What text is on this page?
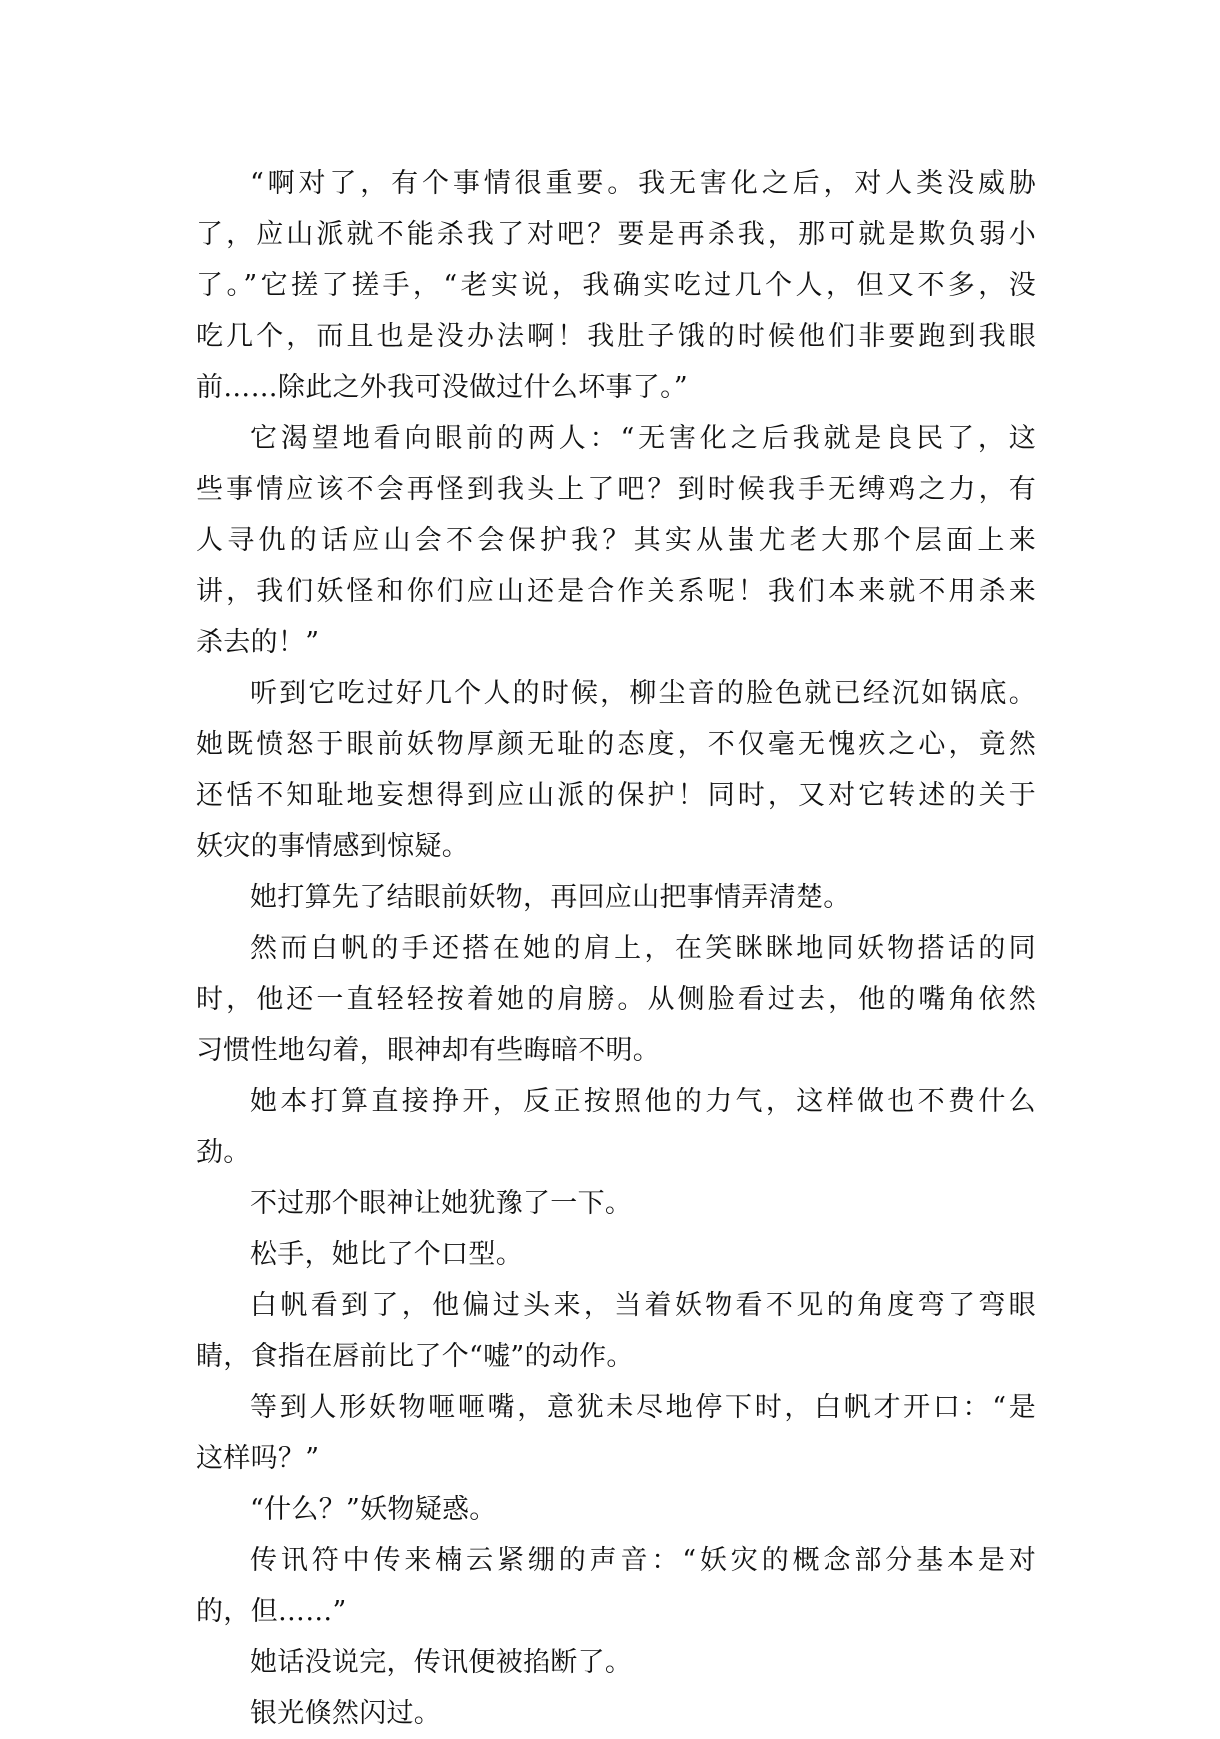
“啊对了，有个事情很重要。我无害化之后，对人类没威胁
了，应山派就不能杀我了对吧？要是再杀我，那可就是欺负弱小
了。”它搓了搓手，“老实说，我确实吃过几个人，但又不多，没
吃几个，而且也是没办法啊！我肚子饿的时候他们非要跑到我眼
前……除此之外我可没做过什么坏事了。”
它渴望地看向眼前的两人：“无害化之后我就是良民了，这
些事情应该不会再怪到我头上了吧？到时候我手无缚鸡之力，有
人寻仇的话应山会不会保护我？其实从蚩尤老大那个层面上来
讲，我们妖怪和你们应山还是合作关系呢！我们本来就不用杀来
杀去的！”
听到它吃过好几个人的时候，柳尘音的脸色就已经沉如锅底。
她既愤怒于眼前妖物厚颜无耻的态度，不仅毫无愧疚之心，竟然
还恬不知耻地妄想得到应山派的保护！同时，又对它转述的关于
妖灾的事情感到惊疑。
她打算先了结眼前妖物，再回应山把事情弄清楚。
然而白帆的手还搭在她的肩上，在笑眯眯地同妖物搭话的同
时，他还一直轻轻按着她的肩膀。从侧脸看过去，他的嘴角依然
习惯性地勾着，眼神却有些晦暗不明。
她本打算直接挣开，反正按照他的力气，这样做也不费什么
劲。
不过那个眼神让她犹豫了一下。
松手，她比了个口型。
白帆看到了，他偏过头来，当着妖物看不见的角度弯了弯眼
睛，食指在唇前比了个“嘘”的动作。
等到人形妖物咂咂嘴，意犹未尽地停下时，白帆才开口：“是
这样吗？”
“什么？”妖物疑惑。
传讯符中传来楠云紧绷的声音：“妖灾的概念部分基本是对
的，但……”
她话没说完，传讯便被掐断了。
银光倏然闪过。
